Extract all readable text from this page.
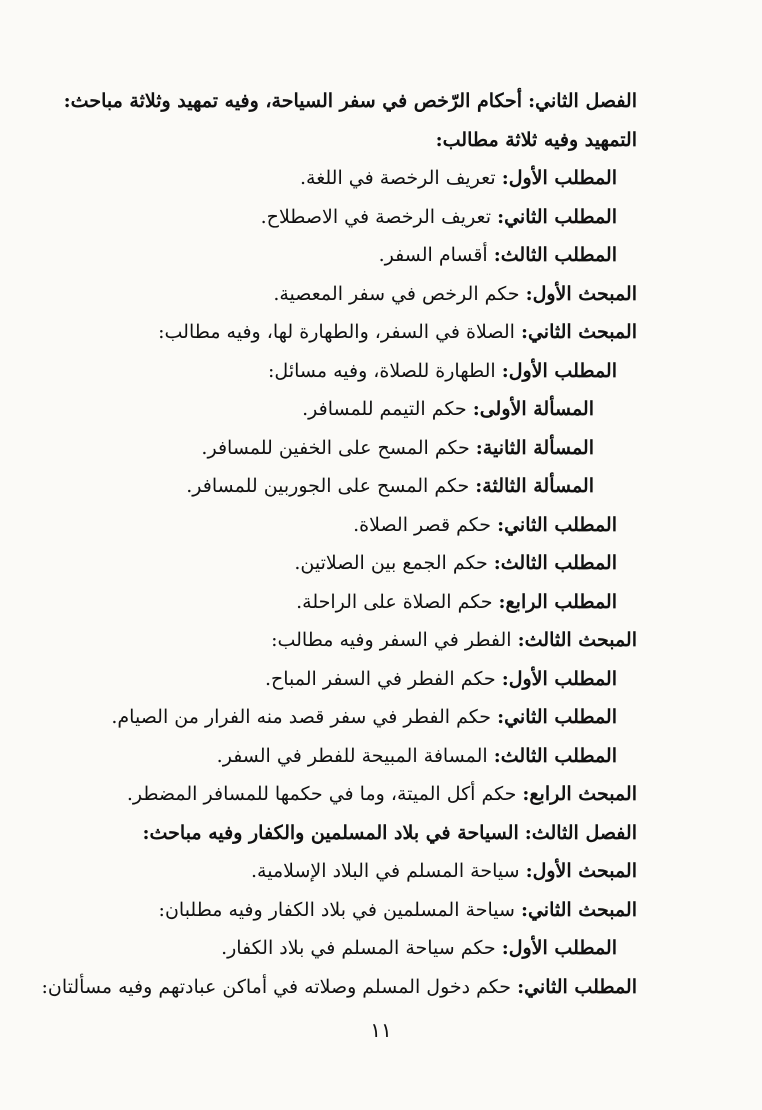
الفصل الثاني: أحكام الرّخص في سفر السياحة، وفيه تمهيد وثلاثة مباحث:
التمهيد وفيه ثلاثة مطالب:
المطلب الأول: تعريف الرخصة في اللغة.
المطلب الثاني: تعريف الرخصة في الاصطلاح.
المطلب الثالث: أقسام السفر.
المبحث الأول: حكم الرخص في سفر المعصية.
المبحث الثاني: الصلاة في السفر، والطهارة لها، وفيه مطالب:
المطلب الأول: الطهارة للصلاة، وفيه مسائل:
المسألة الأولى: حكم التيمم للمسافر.
المسألة الثانية: حكم المسح على الخفين للمسافر.
المسألة الثالثة: حكم المسح على الجوربين للمسافر.
المطلب الثاني: حكم قصر الصلاة.
المطلب الثالث: حكم الجمع بين الصلاتين.
المطلب الرابع: حكم الصلاة على الراحلة.
المبحث الثالث: الفطر في السفر وفيه مطالب:
المطلب الأول: حكم الفطر في السفر المباح.
المطلب الثاني: حكم الفطر في سفر قصد منه الفرار من الصيام.
المطلب الثالث: المسافة المبيحة للفطر في السفر.
المبحث الرابع: حكم أكل الميتة، وما في حكمها للمسافر المضطر.
الفصل الثالث: السياحة في بلاد المسلمين والكفار وفيه مباحث:
المبحث الأول: سياحة المسلم في البلاد الإسلامية.
المبحث الثاني: سياحة المسلمين في بلاد الكفار وفيه مطلبان:
المطلب الأول: حكم سياحة المسلم في بلاد الكفار.
المطلب الثاني: حكم دخول المسلم وصلاته في أماكن عبادتهم وفيه مسألتان:
١١
